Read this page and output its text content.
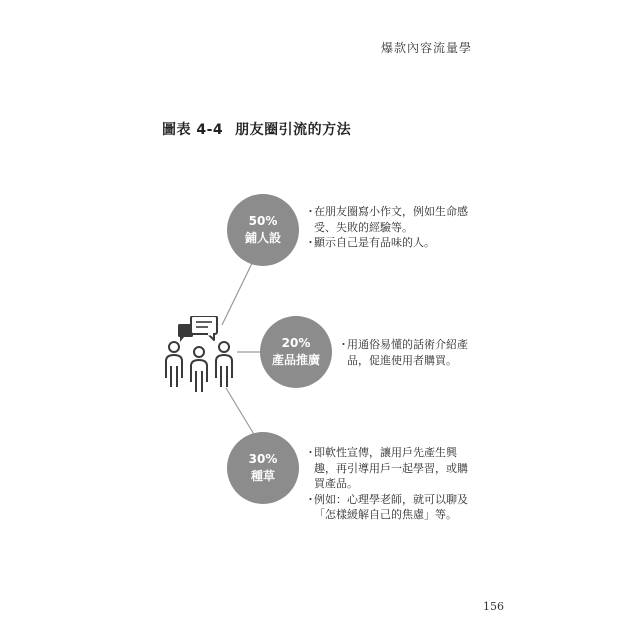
爆款內容流量學
圖表 4-4 朋友圈引流的方法
50%
鋪人設
・在朋友圈寫小作文，例如生命感
受、失敗的經驗等。
・顯示自己是有品味的人。
20%
產品推廣
・用通俗易懂的話術介紹產
品，促進使用者購買。
30%
種草
・即軟性宣傳，讓用戶先產生興
趣，再引導用戶一起學習，或購
買產品。
・例如：心理學老師，就可以聊及
「怎樣緩解自己的焦慮」等。
156
